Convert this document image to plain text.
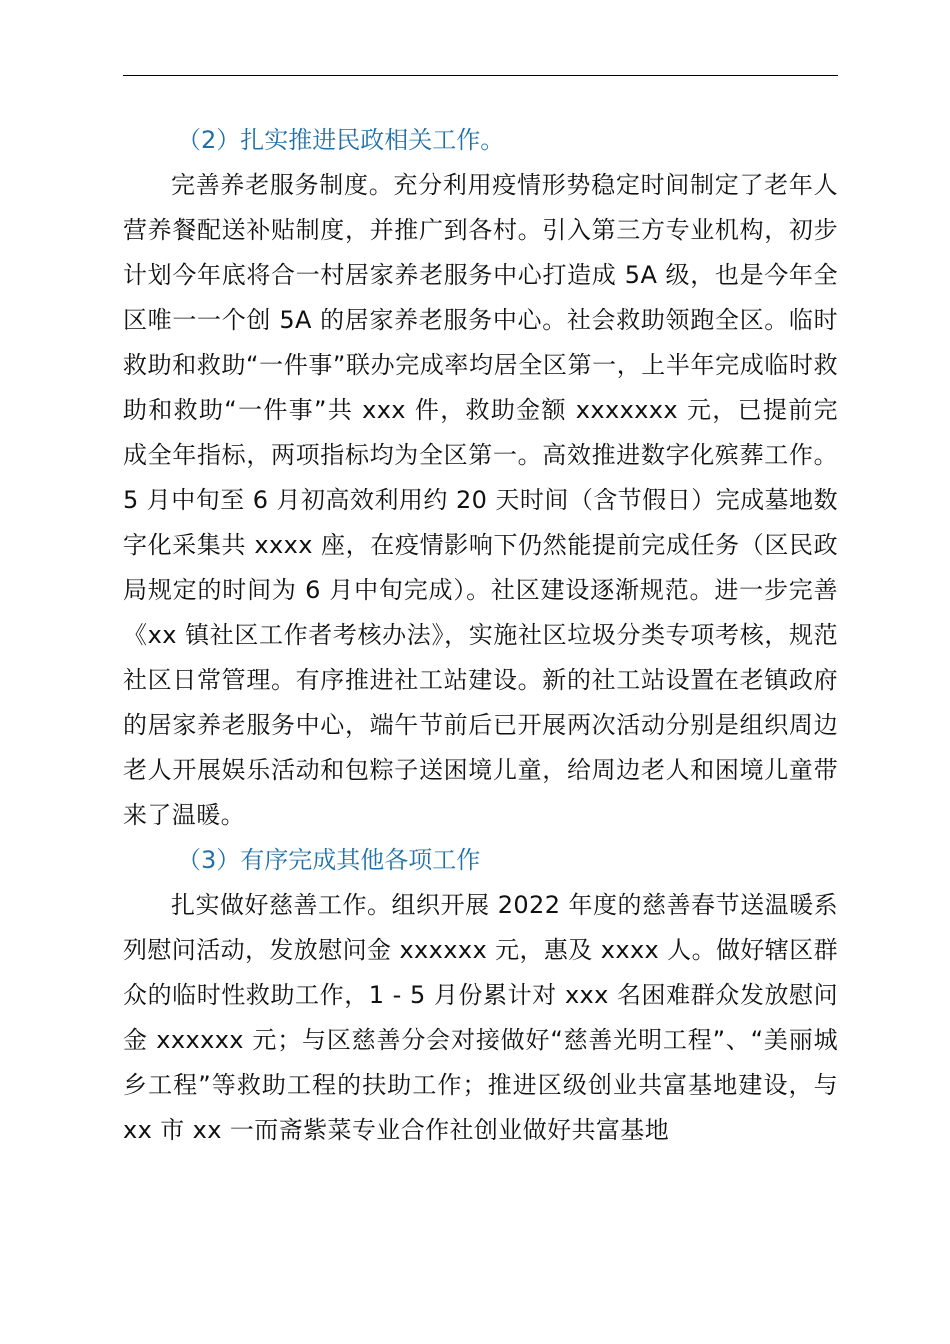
（2）扎实推进民政相关工作。

完善养老服务制度。充分利用疫情形势稳定时间制定了老年人营养餐配送补贴制度，并推广到各村。引入第三方专业机构，初步计划今年底将合一村居家养老服务中心打造成 5A 级，也是今年全区唯一一个创 5A 的居家养老服务中心。社会救助领跑全区。临时救助和救助“一件事”联办完成率均居全区第一，上半年完成临时救助和救助“一件事”共 xxx 件，救助金额 xxxxxxx 元，已提前完成全年指标，两项指标均为全区第一。高效推进数字化殡葬工作。5 月中旬至 6 月初高效利用约 20 天时间（含节假日）完成墓地数字化采集共 xxxx 座，在疫情影响下仍然能提前完成任务（区民政局规定的时间为 6 月中旬完成）。社区建设逐渐规范。进一步完善《xx 镇社区工作者考核办法》，实施社区垃圾分类专项考核，规范社区日常管理。有序推进社工站建设。新的社工站设置在老镇政府的居家养老服务中心，端午节前后已开展两次活动分别是组织周边老人开展娱乐活动和包粽子送困境儿童，给周边老人和困境儿童带来了温暖。

（3）有序完成其他各项工作

扎实做好慈善工作。组织开展 2022 年度的慈善春节送温暖系列慰问活动，发放慰问金 xxxxxx 元，惠及 xxxx 人。做好辖区群众的临时性救助工作，1 - 5 月份累计对 xxx 名困难群众发放慰问金 xxxxxx 元；与区慈善分会对接做好“慈善光明工程”、“美丽城乡工程”等救助工程的扶助工作；推进区级创业共富基地建设，与 xx 市 xx 一而斋紫菜专业合作社创业做好共富基地
